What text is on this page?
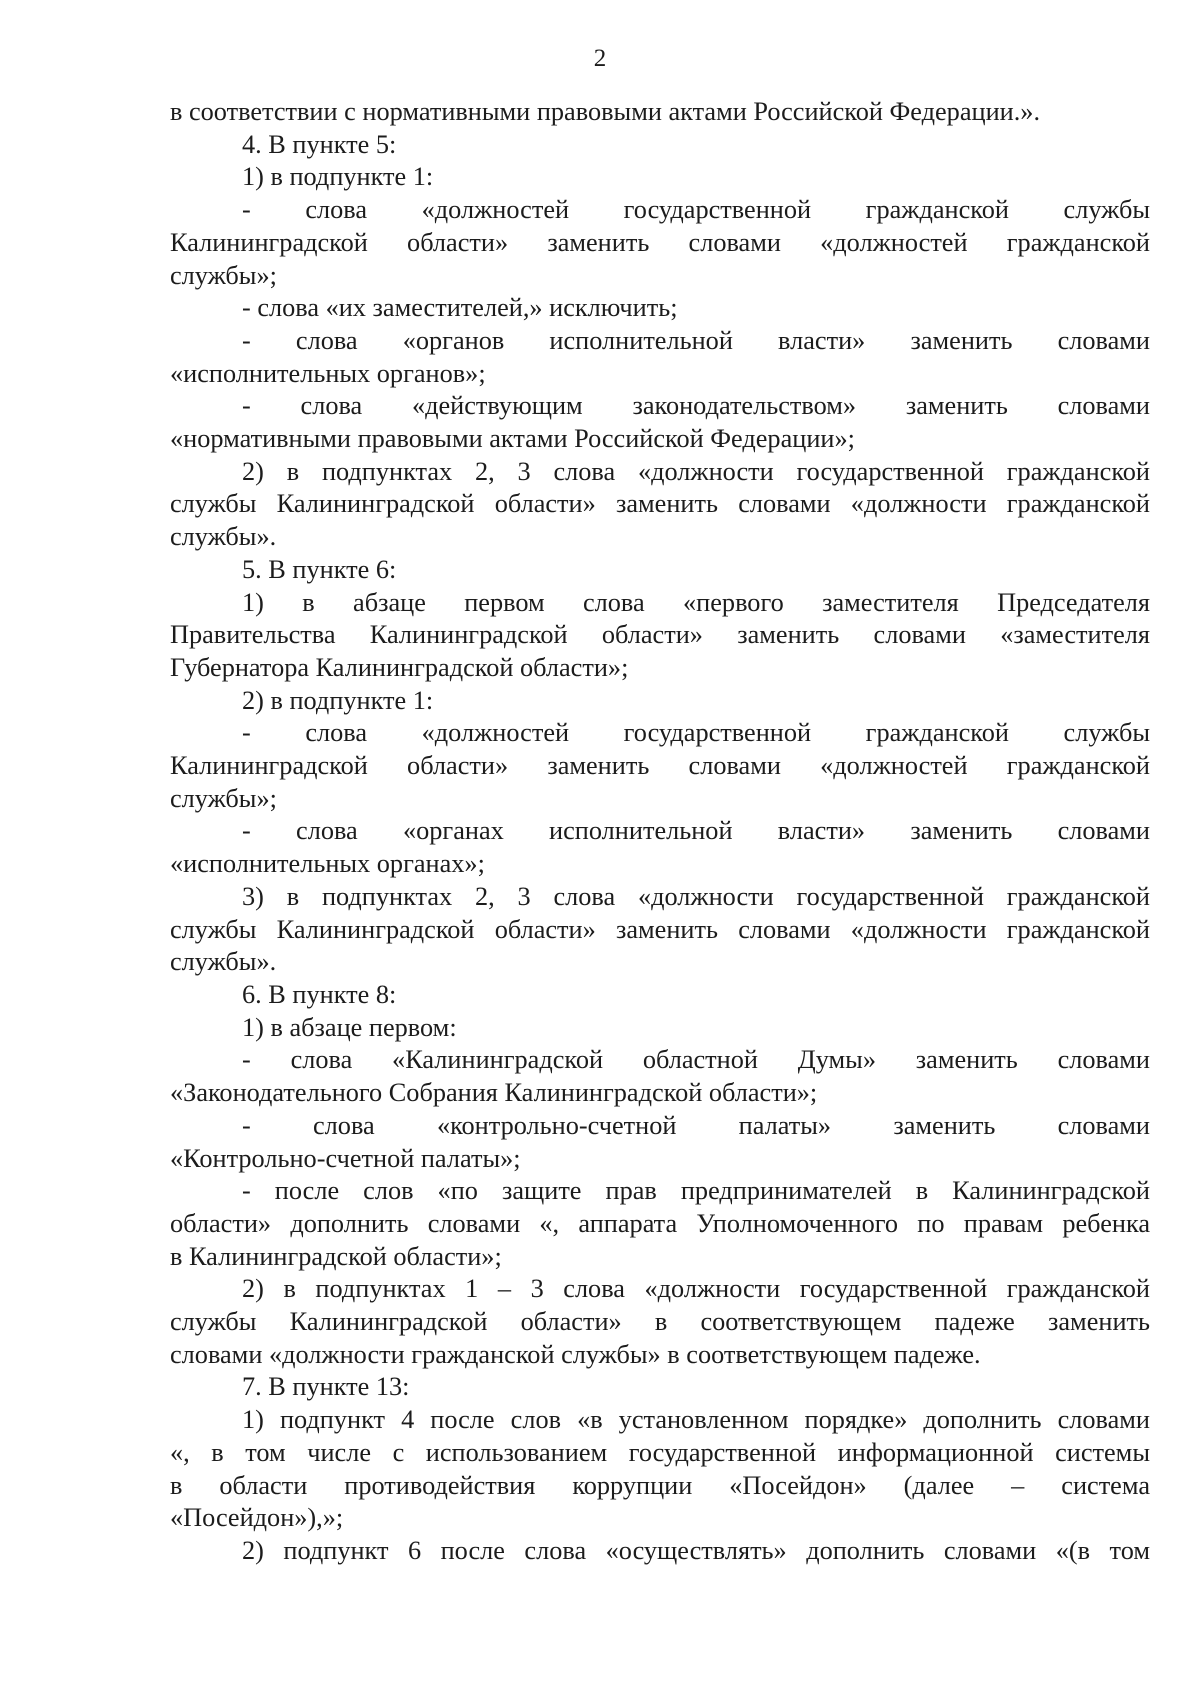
2
в соответствии с нормативными правовыми актами Российской Федерации.».
4. В пункте 5:
1) в подпункте 1:
- слова «должностей государственной гражданской службы
Калининградской области» заменить словами «должностей гражданской
службы»;
- слова «их заместителей,» исключить;
- слова «органов исполнительной власти» заменить словами
«исполнительных органов»;
- слова «действующим законодательством» заменить словами
«нормативными правовыми актами Российской Федерации»;
2) в подпунктах 2, 3 слова «должности государственной гражданской
службы Калининградской области» заменить словами «должности гражданской
службы».
5. В пункте 6:
1) в абзаце первом слова «первого заместителя Председателя
Правительства Калининградской области» заменить словами «заместителя
Губернатора Калининградской области»;
2) в подпункте 1:
- слова «должностей государственной гражданской службы
Калининградской области» заменить словами «должностей гражданской
службы»;
- слова «органах исполнительной власти» заменить словами
«исполнительных органах»;
3) в подпунктах 2, 3 слова «должности государственной гражданской
службы Калининградской области» заменить словами «должности гражданской
службы».
6. В пункте 8:
1) в абзаце первом:
- слова «Калининградской областной Думы» заменить словами
«Законодательного Собрания Калининградской области»;
- слова «контрольно-счетной палаты» заменить словами
«Контрольно-счетной палаты»;
- после слов «по защите прав предпринимателей в Калининградской
области» дополнить словами «, аппарата Уполномоченного по правам ребенка
в Калининградской области»;
2) в подпунктах 1 – 3 слова «должности государственной гражданской
службы Калининградской области» в соответствующем падеже заменить
словами «должности гражданской службы» в соответствующем падеже.
7. В пункте 13:
1) подпункт 4 после слов «в установленном порядке» дополнить словами
«, в том числе с использованием государственной информационной системы
в области противодействия коррупции «Посейдон» (далее – система
«Посейдон»),»;
2) подпункт 6 после слова «осуществлять» дополнить словами «(в том
